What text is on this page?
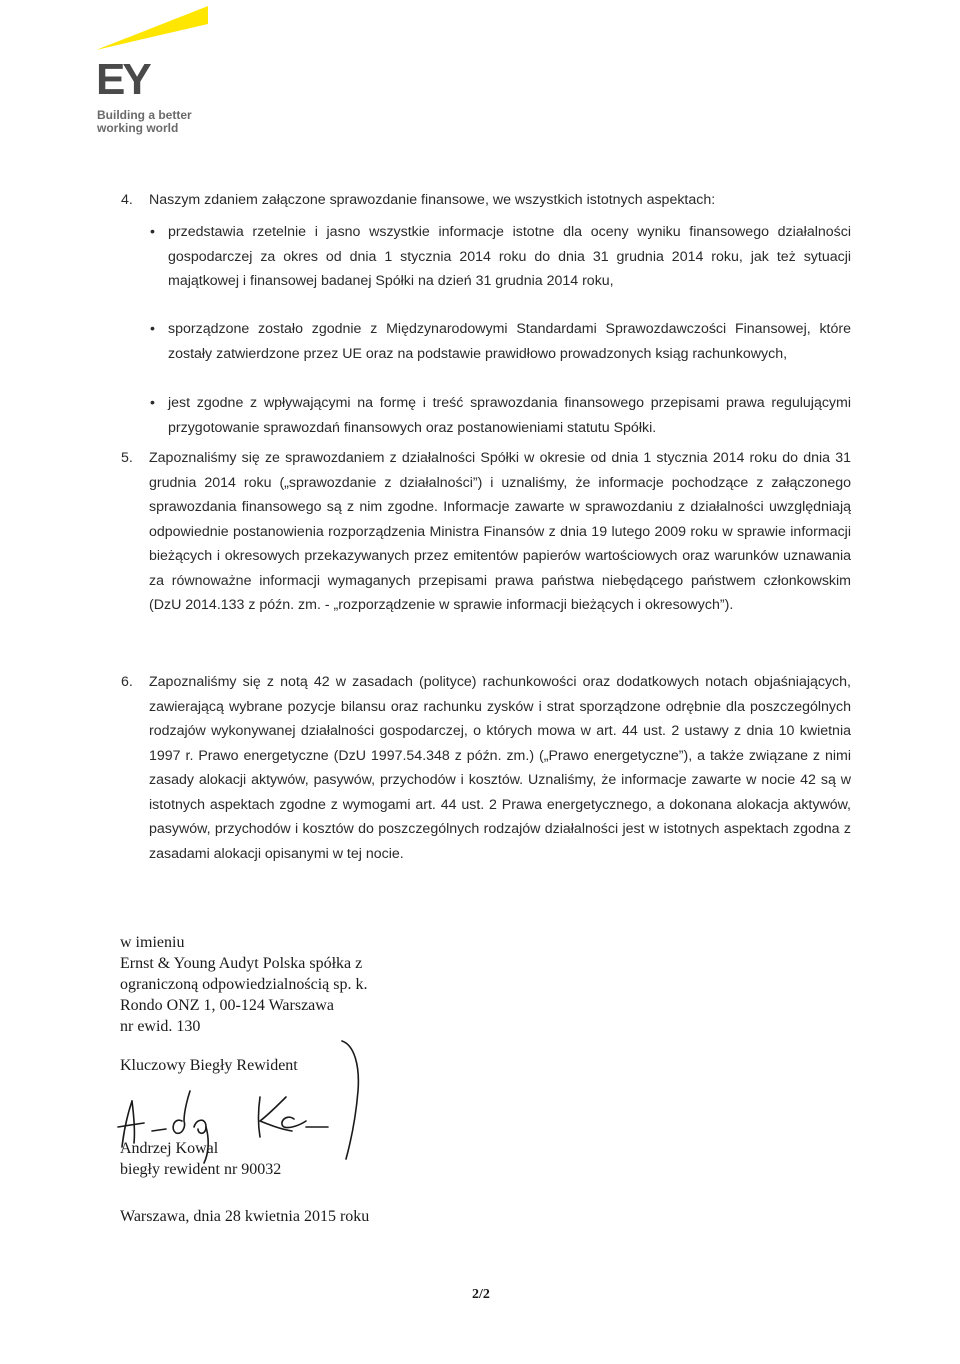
EY
Building a better
working world
4. Naszym zdaniem załączone sprawozdanie finansowe, we wszystkich istotnych aspektach:
• przedstawia rzetelnie i jasno wszystkie informacje istotne dla oceny wyniku finansowego działalności gospodarczej za okres od dnia 1 stycznia 2014 roku do dnia 31 grudnia 2014 roku, jak też sytuacji majątkowej i finansowej badanej Spółki na dzień 31 grudnia 2014 roku,
• sporządzone zostało zgodnie z Międzynarodowymi Standardami Sprawozdawczości Finansowej, które zostały zatwierdzone przez UE oraz na podstawie prawidłowo prowadzonych ksiąg rachunkowych,
• jest zgodne z wpływającymi na formę i treść sprawozdania finansowego przepisami prawa regulującymi przygotowanie sprawozdań finansowych oraz postanowieniami statutu Spółki.
5. Zapoznaliśmy się ze sprawozdaniem z działalności Spółki w okresie od dnia 1 stycznia 2014 roku do dnia 31 grudnia 2014 roku („sprawozdanie z działalności”) i uznaliśmy, że informacje pochodzące z załączonego sprawozdania finansowego są z nim zgodne. Informacje zawarte w sprawozdaniu z działalności uwzględniają odpowiednie postanowienia rozporządzenia Ministra Finansów z dnia 19 lutego 2009 roku w sprawie informacji bieżących i okresowych przekazywanych przez emitentów papierów wartościowych oraz warunków uznawania za równoważne informacji wymaganych przepisami prawa państwa niebędącego państwem członkowskim (DzU 2014.133 z późn. zm. - „rozporządzenie w sprawie informacji bieżących i okresowych”).
6. Zapoznaliśmy się z notą 42 w zasadach (polityce) rachunkowości oraz dodatkowych notach objaśniających, zawierającą wybrane pozycje bilansu oraz rachunku zysków i strat sporządzone odrębnie dla poszczególnych rodzajów wykonywanej działalności gospodarczej, o których mowa w art. 44 ust. 2 ustawy z dnia 10 kwietnia 1997 r. Prawo energetyczne (DzU 1997.54.348 z późn. zm.) („Prawo energetyczne”), a także związane z nimi zasady alokacji aktywów, pasywów, przychodów i kosztów. Uznaliśmy, że informacje zawarte w nocie 42 są w istotnych aspektach zgodne z wymogami art. 44 ust. 2 Prawa energetycznego, a dokonana alokacja aktywów, pasywów, przychodów i kosztów do poszczególnych rodzajów działalności jest w istotnych aspektach zgodna z zasadami alokacji opisanymi w tej nocie.
w imieniu
Ernst & Young Audyt Polska spółka z
ograniczoną odpowiedzialnością sp. k.
Rondo ONZ 1, 00-124 Warszawa
nr ewid. 130
Kluczowy Biegły Rewident
Andrzej Kowal
biegły rewident nr 90032
Warszawa, dnia 28 kwietnia 2015 roku
2/2
